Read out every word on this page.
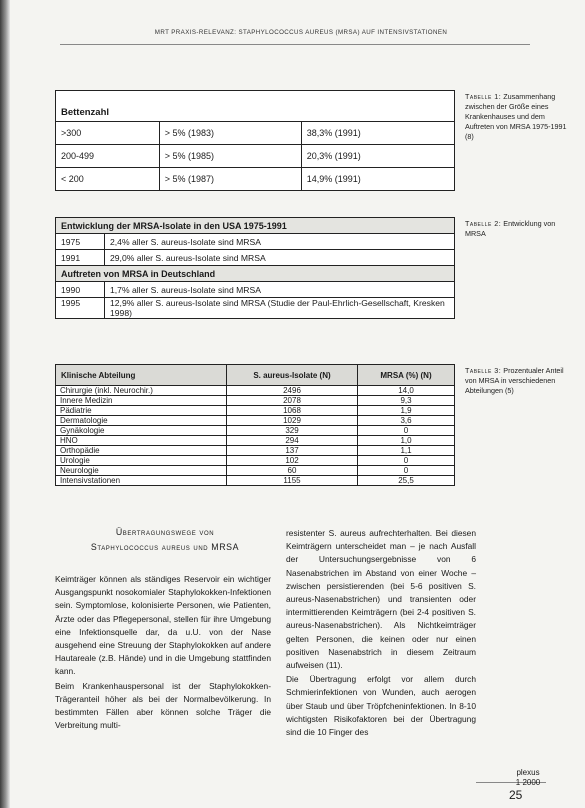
MRT PRAXIS-RELEVANZ: STAPHYLOCOCCUS AUREUS (MRSA) AUF INTENSIVSTATIONEN
Bettenzahl		
>300	> 5% (1983)	38,3% (1991)
200-499	> 5% (1985)	20,3% (1991)
< 200	> 5% (1987)	14,9% (1991)
Tabelle 1: Zusammenhang zwischen der Größe eines Krankenhauses und dem Auftreten von MRSA 1975-1991 (8)
Entwicklung der MRSA-Isolate in den USA 1975-1991	
1975	2,4% aller S. aureus-Isolate sind MRSA
1991	29,0% aller S. aureus-Isolate sind MRSA
Auftreten von MRSA in Deutschland	
1990	1,7% aller S. aureus-Isolate sind MRSA
1995	12,9% aller S. aureus-Isolate sind MRSA (Studie der Paul-Ehrlich-Gesellschaft, Kresken 1998)
Tabelle 2: Entwicklung von MRSA
Klinische Abteilung	S. aureus-Isolate (N)	MRSA (%) (N)
Chirurgie (inkl. Neurochir.)	2496	14,0
Innere Medizin	2078	9,3
Pädiatrie	1068	1,9
Dermatologie	1029	3,6
Gynäkologie	329	0
HNO	294	1,0
Orthopädie	137	1,1
Urologie	102	0
Neurologie	60	0
Intensivstationen	1155	25,5
Tabelle 3: Prozentualer Anteil von MRSA in verschiedenen Abteilungen (5)
Übertragungswege von
Staphylococcus aureus und MRSA

Keimträger können als ständiges Reservoir ein wichtiger Ausgangspunkt nosokomialer Staphylokokken-Infektionen sein. Symptomlose, kolonisierte Personen, wie Patienten, Ärzte oder das Pflegepersonal, stellen für ihre Umgebung eine Infektionsquelle dar, da u.U. von der Nase ausgehend eine Streuung der Staphylokokken auf andere Hautareale (z.B. Hände) und in die Umgebung stattfinden kann.

Beim Krankenhauspersonal ist der Staphylokokken-Trägeranteil höher als bei der Normalbevölkerung. In bestimmten Fällen aber können solche Träger die Verbreitung multi-

resistenter S. aureus aufrechterhalten. Bei diesen Keimträgern unterscheidet man – je nach Ausfall der Untersuchungsergebnisse von 6 Nasenabstrichen im Abstand von einer Woche – zwischen persistierenden (bei 5-6 positiven S. aureus-Nasenabstrichen) und transienten oder intermittierenden Keimträgern (bei 2-4 positiven S. aureus-Nasenabstrichen). Als Nichtkeimträger gelten Personen, die keinen oder nur einen positiven Nasenabstrich in diesem Zeitraum aufweisen (11).

Die Übertragung erfolgt vor allem durch Schmierinfektionen von Wunden, auch aerogen über Staub und über Tröpfcheninfektionen. In 8-10 wichtigsten Risikofaktoren bei der Übertragung sind die 10 Finger des

25
plexus
1 2000
